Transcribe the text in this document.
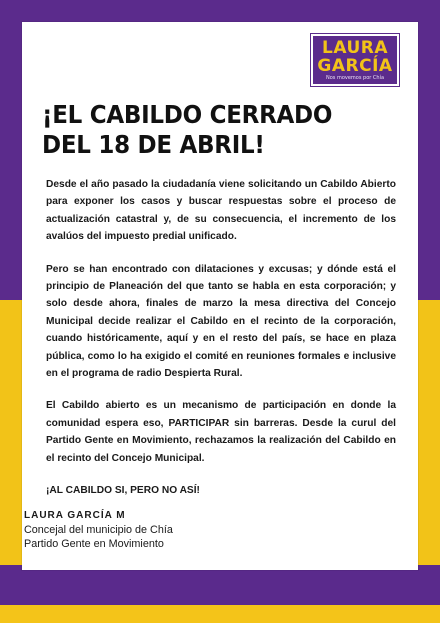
LAURA
GARCÍA
Nos movemos por Chía
¡EL CABILDO CERRADO DEL 18 DE ABRIL!

Desde el año pasado la ciudadanía viene solicitando un Cabildo Abierto para exponer los casos y buscar respuestas sobre el proceso de actualización catastral y, de su consecuencia, el incremento de los avalúos del impuesto predial unificado.

Pero se han encontrado con dilataciones y excusas; y dónde está el principio de Planeación del que tanto se habla en esta corporación; y solo desde ahora, finales de marzo la mesa directiva del Concejo Municipal decide realizar el Cabildo en el recinto de la corporación, cuando históricamente, aquí y en el resto del país, se hace en plaza pública, como lo ha exigido el comité en reuniones formales e inclusive en el programa de radio Despierta Rural.

El Cabildo abierto es un mecanismo de participación en donde la comunidad espera eso, PARTICIPAR sin barreras. Desde la curul del Partido Gente en Movimiento, rechazamos la realización del Cabildo en el recinto del Concejo Municipal.

¡AL CABILDO SI, PERO NO ASÍ!

LAURA GARCÍA M

Concejal del municipio de Chía

Partido Gente en Movimiento
